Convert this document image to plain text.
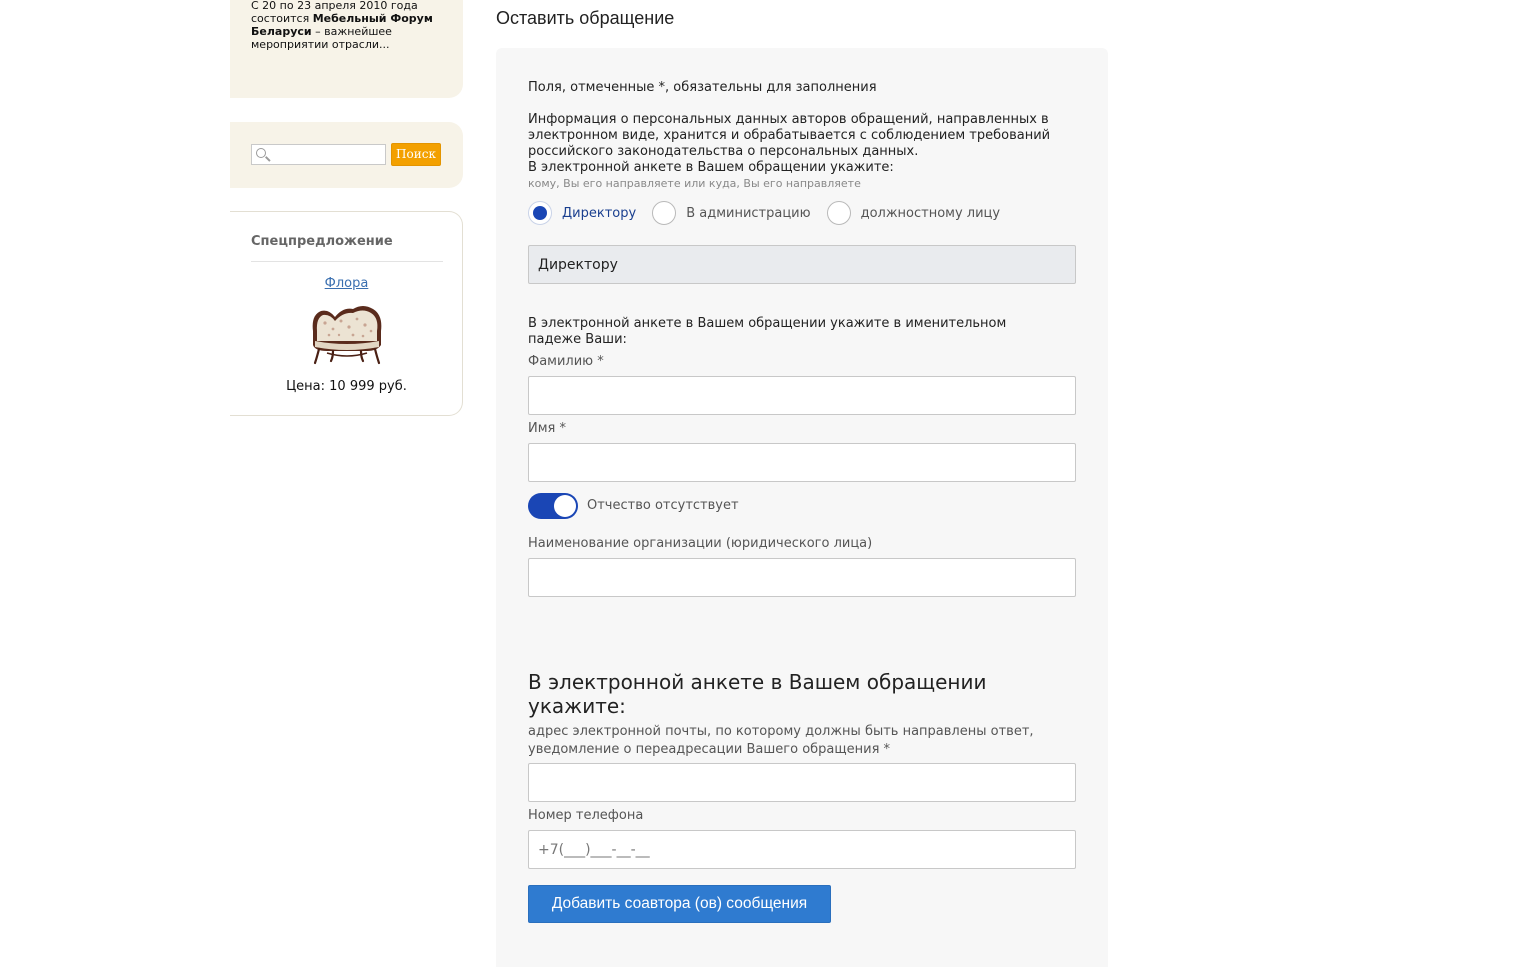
С 20 по 23 апреля 2010 года состоится Мебельный Форум Беларуси – важнейшее мероприятии отрасли...

Поиск
Спецпредложение
Флора
Цена: 10 999 руб.
Оставить обращение
Поля, отмеченные *, обязательны для заполнения
Информация о персональных данных авторов обращений, направленных в электронном виде, хранится и обрабатывается с соблюдением требований российского законодательства о персональных данных.
В электронной анкете в Вашем обращении укажите:
кому, Вы его направляете или куда, Вы его направляете
Директору	В администрацию	должностному лицу
Директору
В электронной анкете в Вашем обращении укажите в именительном падеже Ваши:
Фамилию *
Имя *
Отчество отсутствует
Наименование организации (юридического лица)
В электронной анкете в Вашем обращении укажите:
адрес электронной почты, по которому должны быть направлены ответ, уведомление о переадресации Вашего обращения *
Номер телефона
+7(___)___-__-__
Добавить соавтора (ов) сообщения
